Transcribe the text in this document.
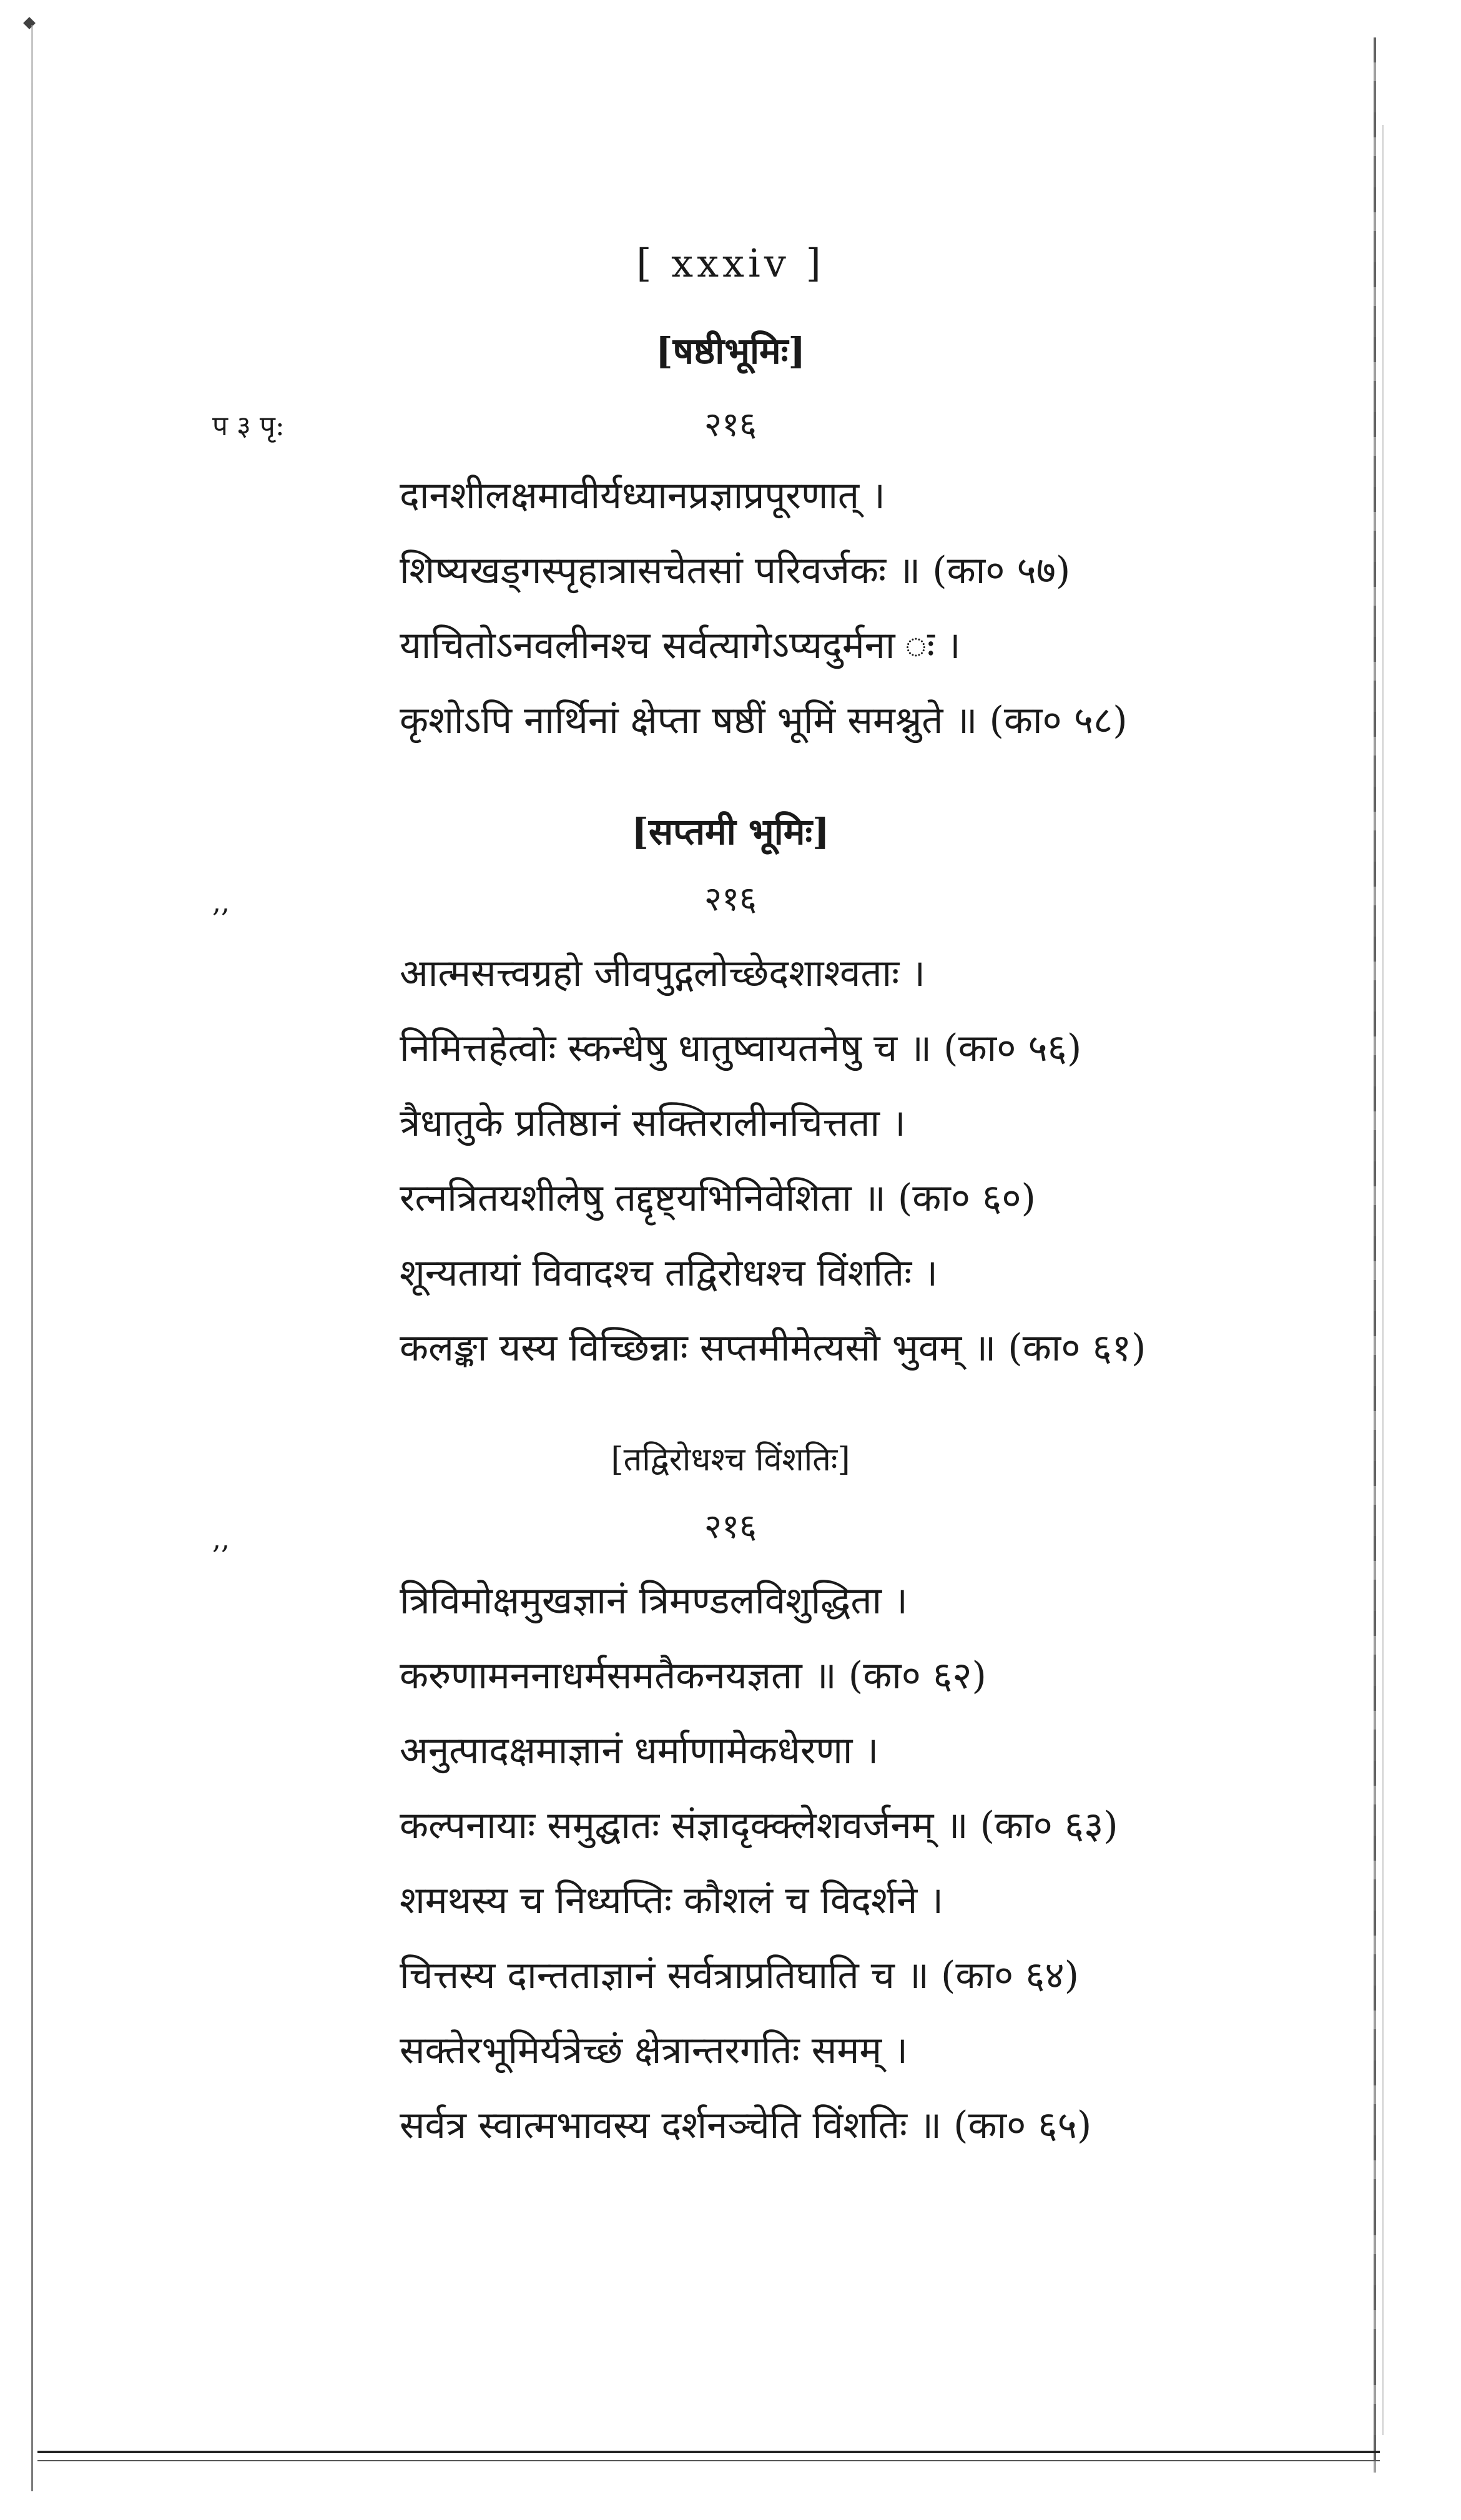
[ xxxiv ]
[षष्ठीभूमिः]
प ३ पृ:	२१६
दानशीलक्षमावीर्यध्यानप्रज्ञाप्रपूरणात् ।
शिष्यखड्गस्पृहात्रासचेतसां परिवर्जकः ॥ (का० ५७)
याचितोऽनवलीनश्च सर्वत्यागेऽप्यदुर्मना ः ।
कृशोऽपि नार्थिनां क्षेप्ता षष्ठीं भूमिं समश्नुते ॥ (का० ५८)
[सप्तमी भूमिः]
,,	२१६
आत्मसत्त्वग्रहो जीवपुद्गलोच्छेदशाश्वताः ।
निमित्तहेत्वोः स्कन्धेषु धातुष्वायतनेषु च ॥ (का० ५६)
त्रैधातुके प्रतिष्ठानं सक्तिरालीनचित्तता ।
रत्नत्रितयशीलेषु तद्दृष्ट्यभिनिवेशिता ॥ (का० ६०)
शून्यतायां विवादश्च तद्विरोधश्च विंशतिः ।
कलङ्का यस्य विच्छिन्नाः सप्तमीमेत्यसौ भुवम् ॥ (का० ६१)
[तद्विरोधश्च विंशतिः]
,,	२१६
त्रिविमोक्षमुखज्ञानं त्रिमण्डलविशुद्धिता ।
करुणामननाधर्मसमतैकनयज्ञता ॥ (का० ६२)
अनुत्पादक्षमाज्ञानं धर्माणामेकधेरणा ।
कल्पनायाः समुद्घातः संज्ञादृक्क्लेशवर्जनम् ॥ (का० ६३)
शमथस्य च निध्यप्तिः कौशलं च विदर्शने ।
चित्तस्य दान्तताज्ञानं सर्वत्राप्रतिघाति च ॥ (का० ६४)
सक्तेरभूमिर्यत्रेच्छं क्षेत्रान्तरगतिः समम् ।
सर्वत्र स्वात्मभावस्य दर्शनञ्चेति विंशतिः ॥ (का० ६५)
